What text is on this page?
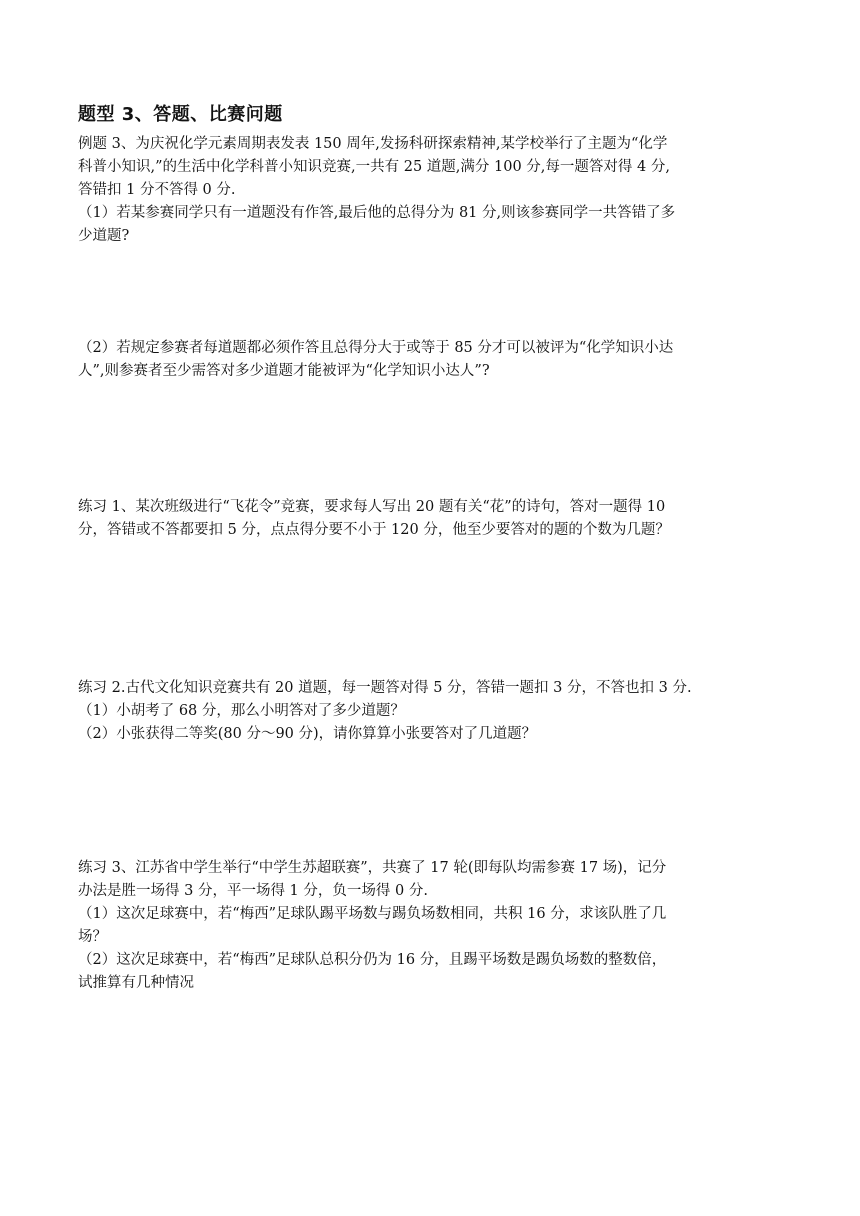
题型 3、答题、比赛问题
例题 3、为庆祝化学元素周期表发表 150 周年,发扬科研探索精神,某学校举行了主题为“化学
科普小知识,”的生活中化学科普小知识竞赛,一共有 25 道题,满分 100 分,每一题答对得 4 分,
答错扣 1 分不答得 0 分.
（1）若某参赛同学只有一道题没有作答,最后他的总得分为 81 分,则该参赛同学一共答错了多
少道题?
（2）若规定参赛者每道题都必须作答且总得分大于或等于 85 分才可以被评为“化学知识小达
人”,则参赛者至少需答对多少道题才能被评为“化学知识小达人”?
练习 1、某次班级进行“飞花令”竞赛，要求每人写出 20 题有关“花”的诗句，答对一题得 10
分，答错或不答都要扣 5 分，点点得分要不小于 120 分，他至少要答对的题的个数为几题？
练习 2.古代文化知识竞赛共有 20 道题，每一题答对得 5 分，答错一题扣 3 分，不答也扣 3 分.
（1）小胡考了 68 分，那么小明答对了多少道题？
（2）小张获得二等奖(80 分～90 分)，请你算算小张要答对了几道题？
练习 3、江苏省中学生举行“中学生苏超联赛”，共赛了 17 轮(即每队均需参赛 17 场)，记分
办法是胜一场得 3 分，平一场得 1 分，负一场得 0 分.
（1）这次足球赛中，若“梅西”足球队踢平场数与踢负场数相同，共积 16 分，求该队胜了几
场？
（2）这次足球赛中，若“梅西”足球队总积分仍为 16 分，且踢平场数是踢负场数的整数倍，
试推算有几种情况
